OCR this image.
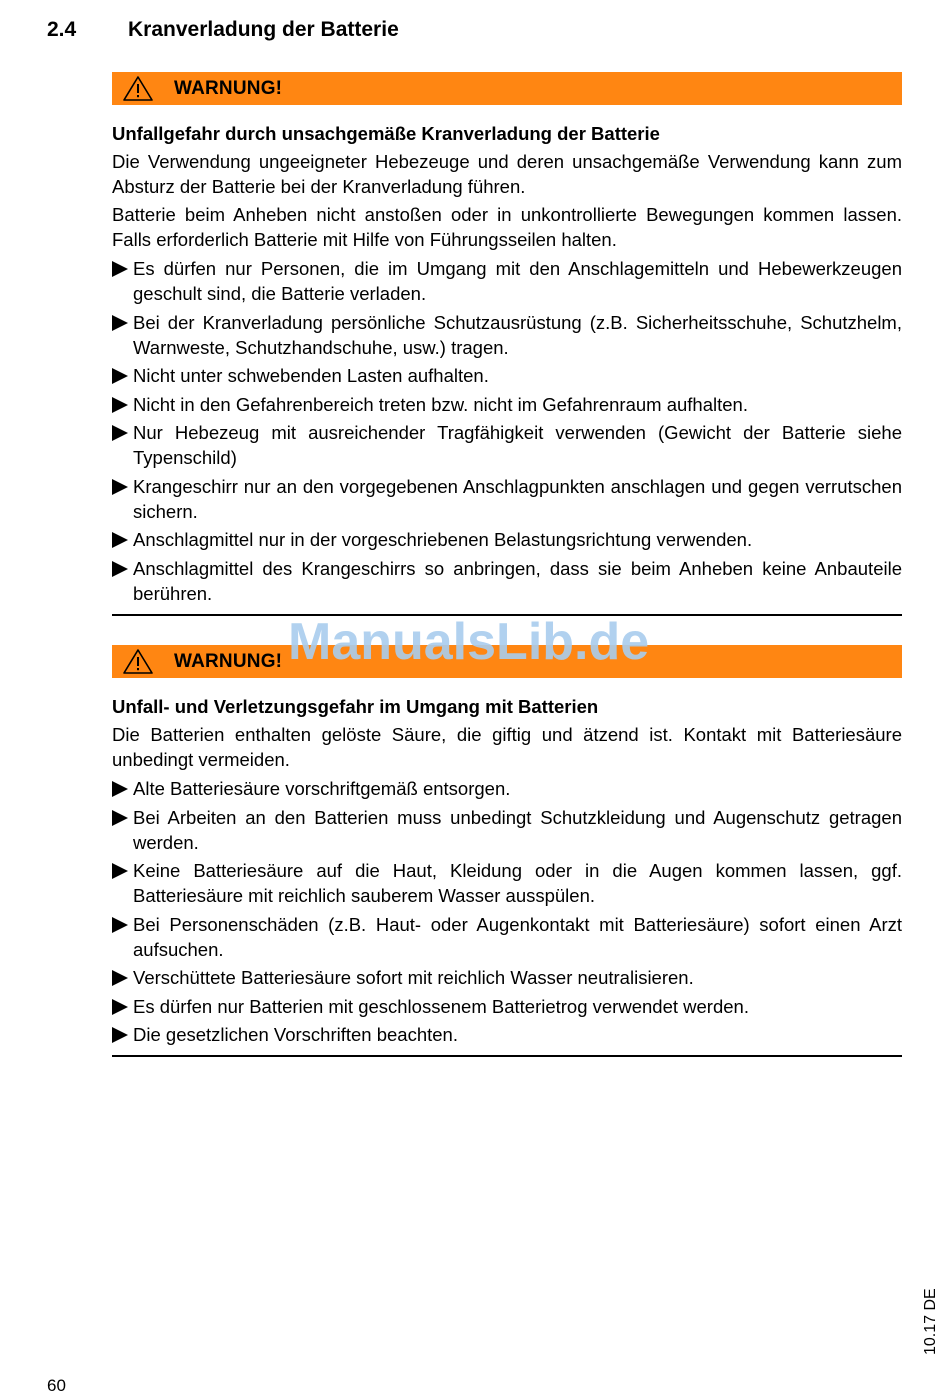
2.4	Kranverladung der Batterie
WARNUNG!
Unfallgefahr durch unsachgemäße Kranverladung der Batterie
Die Verwendung ungeeigneter Hebezeuge und deren unsachgemäße Verwendung kann zum Absturz der Batterie bei der Kranverladung führen.
Batterie beim Anheben nicht anstoßen oder in unkontrollierte Bewegungen kommen lassen. Falls erforderlich Batterie mit Hilfe von Führungsseilen halten.
Es dürfen nur Personen, die im Umgang mit den Anschlagemitteln und Hebewerkzeugen geschult sind, die Batterie verladen.
Bei der Kranverladung persönliche Schutzausrüstung (z.B. Sicherheitsschuhe, Schutzhelm, Warnweste, Schutzhandschuhe, usw.) tragen.
Nicht unter schwebenden Lasten aufhalten.
Nicht in den Gefahrenbereich treten bzw. nicht im Gefahrenraum aufhalten.
Nur Hebezeug mit ausreichender Tragfähigkeit verwenden (Gewicht der Batterie siehe Typenschild)
Krangeschirr nur an den vorgegebenen Anschlagpunkten anschlagen und gegen verrutschen sichern.
Anschlagmittel nur in der vorgeschriebenen Belastungsrichtung verwenden.
Anschlagmittel des Krangeschirrs so anbringen, dass sie beim Anheben keine Anbauteile berühren.
WARNUNG!
Unfall- und Verletzungsgefahr im Umgang mit Batterien
Die Batterien enthalten gelöste Säure, die giftig und ätzend ist. Kontakt mit Batteriesäure unbedingt vermeiden.
Alte Batteriesäure vorschriftgemäß entsorgen.
Bei Arbeiten an den Batterien muss unbedingt Schutzkleidung und Augenschutz getragen werden.
Keine Batteriesäure auf die Haut, Kleidung oder in die Augen kommen lassen, ggf. Batteriesäure mit reichlich sauberem Wasser ausspülen.
Bei Personenschäden (z.B. Haut- oder Augenkontakt mit Batteriesäure) sofort einen Arzt aufsuchen.
Verschüttete Batteriesäure sofort mit reichlich Wasser neutralisieren.
Es dürfen nur Batterien mit geschlossenem Batterietrog verwendet werden.
Die gesetzlichen Vorschriften beachten.
ManualsLib.de
10.17 DE
60
